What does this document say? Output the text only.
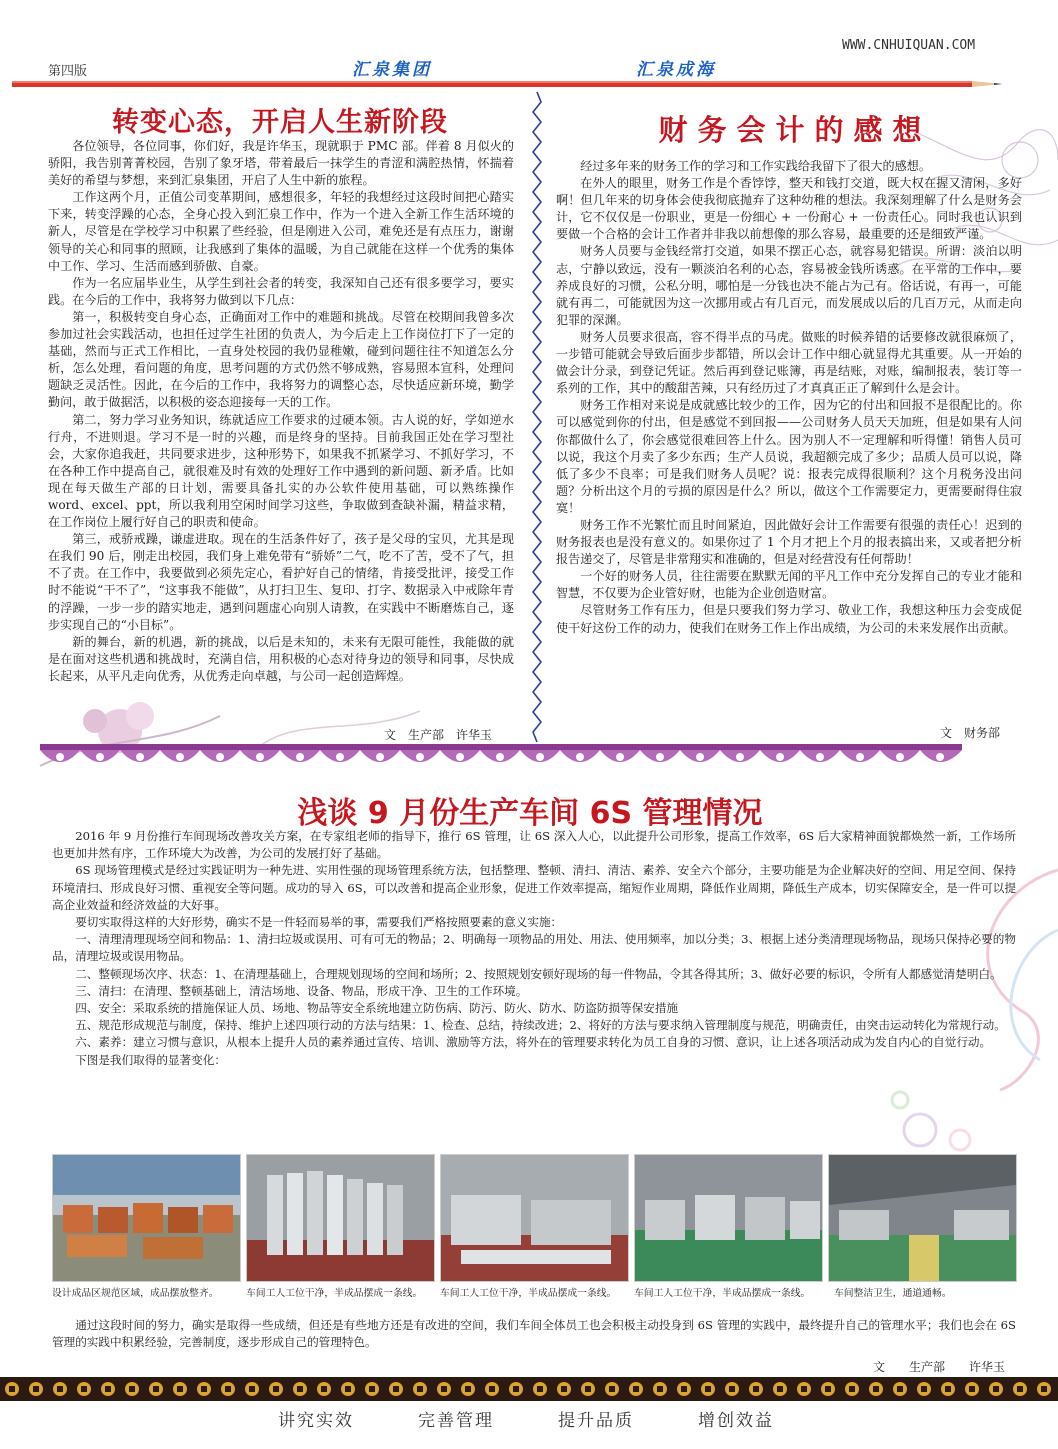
WWW.CNHUIQUAN.COM
第四版	汇泉集团	汇泉成海
转变心态，开启人生新阶段

各位领导，各位同事，你们好，我是许华玉，现就职于 PMC 部。伴着 8 月似火的骄阳，我告别菁菁校园，告别了象牙塔，带着最后一抹学生的青涩和满腔热情，怀揣着美好的希望与梦想，来到汇泉集团，开启了人生中新的旅程。

工作这两个月，正值公司变革期间，感想很多，年轻的我想经过这段时间把心踏实下来，转变浮躁的心态，全身心投入到汇泉工作中，作为一个进入全新工作生活环境的新人，尽管是在学校学习中积累了些经验，但是刚进入公司，难免还是有点压力，谢谢领导的关心和同事的照顾，让我感到了集体的温暖，为自己就能在这样一个优秀的集体中工作、学习、生活而感到骄傲、自豪。

作为一名应届毕业生，从学生到社会者的转变，我深知自己还有很多要学习，要实践。在今后的工作中，我将努力做到以下几点：

第一，积极转变自身心态，正确面对工作中的难题和挑战。尽管在校期间我曾多次参加过社会实践活动，也担任过学生社团的负责人，为今后走上工作岗位打下了一定的基础，然而与正式工作相比，一直身处校园的我仍显稚嫩，碰到问题往往不知道怎么分析，怎么处理，看问题的角度，思考问题的方式仍然不够成熟，容易照本宣科，处理问题缺乏灵活性。因此，在今后的工作中，我将努力的调整心态，尽快适应新环境，勤学勤问，敢于做据活，以积极的姿态迎接每一天的工作。

第二，努力学习业务知识，练就适应工作要求的过硬本领。古人说的好，学如逆水行舟，不进则退。学习不是一时的兴趣，而是终身的坚持。目前我国正处在学习型社会，大家你追我赶，共同要求进步，这种形势下，如果我不抓紧学习、不抓好学习，不在各种工作中提高自己，就很难及时有效的处理好工作中遇到的新问题、新矛盾。比如现在每天做生产部的日计划，需要具备扎实的办公软件使用基础，可以熟练操作 word、excel、ppt，所以我利用空闲时间学习这些，争取做到查缺补漏，精益求精，在工作岗位上履行好自己的职责和使命。

第三，戒骄戒躁，谦虚进取。现在的生活条件好了，孩子是父母的宝贝，尤其是现在我们 90 后，刚走出校园，我们身上难免带有“骄娇”二气，吃不了苦，受不了气，担不了责。在工作中，我要做到必须先定心，看护好自己的情绪，肯接受批评，接受工作时不能说“干不了”，“这事我不能做”，从打扫卫生、复印、打字、数据录入中戒除年青的浮躁，一步一步的踏实地走，遇到问题虚心向别人请教，在实践中不断磨炼自己，逐步实现自己的“小目标”。

新的舞台，新的机遇，新的挑战，以后是未知的，未来有无限可能性，我能做的就是在面对这些机遇和挑战时，充满自信，用积极的心态对待身边的领导和同事，尽快成长起来，从平凡走向优秀，从优秀走向卓越，与公司一起创造辉煌。

文　生产部　许华玉
财务会计的感想

经过多年来的财务工作的学习和工作实践给我留下了很大的感想。

在外人的眼里，财务工作是个香饽饽，整天和钱打交道，既大权在握又清闲，多好啊！但几年来的切身体会使我彻底抛弃了这种幼稚的想法。我深刻理解了什么是财务会计，它不仅仅是一份职业，更是一份细心 + 一份耐心 + 一份责任心。同时我也认识到要做一个合格的会计工作者并非我以前想像的那么容易，最重要的还是细致严谨。

财务人员要与金钱经常打交道，如果不摆正心态，就容易犯错误。所谓：淡泊以明志，宁静以致远，没有一颗淡泊名利的心态，容易被金钱所诱惑。在平常的工作中，要养成良好的习惯，公私分明，哪怕是一分钱也决不能占为己有。俗话说，有再一，可能就有再二，可能就因为这一次挪用或占有几百元，而发展成以后的几百万元，从而走向犯罪的深渊。

财务人员要求很高，容不得半点的马虎。做账的时候养错的话要修改就很麻烦了，一步错可能就会导致后面步步都错，所以会计工作中细心就显得尤其重要。从一开始的做会计分录，到登记凭证。然后再到登记账簿，再是结账，对账，编制报表，装订等一系列的工作，其中的酸甜苦辣，只有经历过了才真真正正了解到什么是会计。

财务工作相对来说是成就感比较少的工作，因为它的付出和回报不是很配比的。你可以感觉到你的付出，但是感觉不到回报——公司财务人员天天加班，但是如果有人问你都做什么了，你会感觉很难回答上什么。因为别人不一定理解和听得懂！销售人员可以说，我这个月卖了多少东西；生产人员说，我超额完成了多少；品质人员可以说，降低了多少不良率；可是我们财务人员呢？说：报表完成得很顺利？这个月税务没出问题？分析出这个月的亏损的原因是什么？所以，做这个工作需要定力，更需要耐得住寂寞！

财务工作不光繁忙而且时间紧迫，因此做好会计工作需要有很强的责任心！迟到的财务报表也是没有意义的。如果你过了 1 个月才把上个月的报表搞出来，又或者把分析报告递交了，尽管是非常翔实和准确的，但是对经营没有任何帮助！

一个好的财务人员，往往需要在默默无闻的平凡工作中充分发挥自己的专业才能和智慧，不仅要为企业管好财，也能为企业创造财富。

尽管财务工作有压力，但是只要我们努力学习、敬业工作，我想这种压力会变成促使干好这份工作的动力，使我们在财务工作上作出成绩，为公司的未来发展作出贡献。

文　财务部
浅谈 9 月份生产车间 6S 管理情况

2016 年 9 月份推行车间现场改善攻关方案，在专家组老师的指导下，推行 6S 管理，让 6S 深入人心，以此提升公司形象，提高工作效率，6S 后大家精神面貌都焕然一新，工作场所也更加井然有序，工作环境大为改善，为公司的发展打好了基础。

6S 现场管理模式是经过实践证明为一种先进、实用性强的现场管理系统方法，包括整理、整顿、清扫、清洁、素养、安全六个部分，主要功能是为企业解决好的空间、用足空间、保持环境清扫、形成良好习惯、重视安全等问题。成功的导入 6S，可以改善和提高企业形象，促进工作效率提高，缩短作业周期，降低作业周期，降低生产成本，切实保障安全，是一件可以提高企业效益和经济效益的大好事。

要切实取得这样的大好形势，确实不是一件轻而易举的事，需要我们严格按照要素的意义实施：

一、清理清理现场空间和物品：1、清扫垃圾或误用、可有可无的物品；2、明确每一项物品的用处、用法、使用频率，加以分类；3、根据上述分类清理现场物品，现场只保持必要的物品，清理垃圾或误用物品。

二、整顿现场次序、状态：1、在清理基础上，合理规划现场的空间和场所；2、按照规划安顿好现场的每一件物品，令其各得其所；3、做好必要的标识，令所有人都感觉清楚明白。

三、清扫：在清理、整顿基础上，清洁场地、设备、物品，形成干净、卫生的工作环境。

四、安全：采取系统的措施保证人员、场地、物品等安全系统地建立防伤病、防污、防火、防水、防盗防损等保安措施

五、规范形成规范与制度，保持、维护上述四项行动的方法与结果：1、检查、总结，持续改进；2、将好的方法与要求纳入管理制度与规范，明确责任，由突击运动转化为常规行动。

六、素养：建立习惯与意识，从根本上提升人员的素养通过宣传、培训、激励等方法，将外在的管理要求转化为员工自身的习惯、意识，让上述各项活动成为发自内心的自觉行动。

下图是我们取得的显著变化：

设计成品区规范区域，成品摆放整齐。	车间工人工位干净，半成品摆成一条线。	车间工人工位干净，半成品摆成一条线。	车间工人工位干净，半成品摆成一条线。	车间整洁卫生，通道通畅。

通过这段时间的努力，确实是取得一些成绩，但还是有些地方还是有改进的空间，我们车间全体员工也会积极主动投身到 6S 管理的实践中，最终提升自己的管理水平；我们也会在 6S 管理的实践中积累经验，完善制度，逐步形成自己的管理特色。

文　　生产部　　许华玉
讲究实效	完善管理	提升品质	增创效益
